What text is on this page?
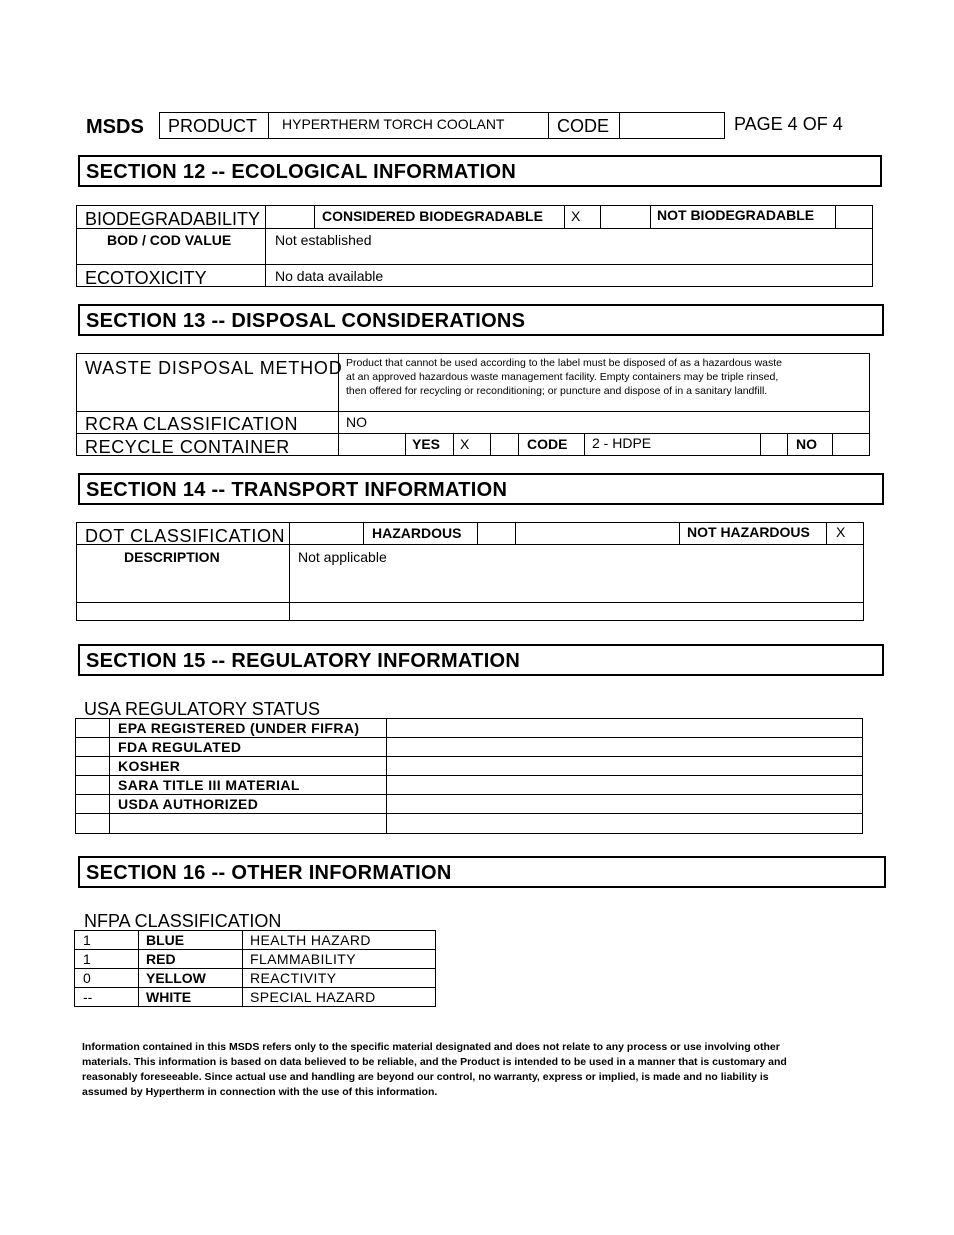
MSDS PRODUCT HYPERTHERM TORCH COOLANT	CODE	PAGE 4 OF 4
SECTION 12 -- ECOLOGICAL INFORMATION
BIODEGRADABILITY	CONSIDERED BIODEGRADABLE X	NOT BIODEGRADABLE
BOD / COD VALUE	Not established
ECOTOXICITY	No data available
SECTION 13 -- DISPOSAL CONSIDERATIONS
WASTE DISPOSAL METHOD Product that cannot be used according to the label must be disposed of as a hazardous waste
at an approved hazardous waste management facility. Empty containers may be triple rinsed,
then offered for recycling or reconditioning; or puncture and dispose of in a sanitary landfill.
RCRA CLASSIFICATION	NO
RECYCLE CONTAINER	YES X	CODE 2 - HDPE	NO
SECTION 14 -- TRANSPORT INFORMATION
DOT CLASSIFICATION	HAZARDOUS	NOT HAZARDOUS X
DESCRIPTION	Not applicable
SECTION 15 -- REGULATORY INFORMATION
USA REGULATORY STATUS
EPA REGISTERED (UNDER FIFRA)
FDA REGULATED
KOSHER
SARA TITLE III MATERIAL
USDA AUTHORIZED
SECTION 16 -- OTHER INFORMATION
NFPA CLASSIFICATION
1	BLUE	HEALTH HAZARD
1	RED	FLAMMABILITY
0	YELLOW	REACTIVITY
--	WHITE	SPECIAL HAZARD
Information contained in this MSDS refers only to the specific material designated and does not relate to any process or use involving other
materials. This information is based on data believed to be reliable, and the Product is intended to be used in a manner that is customary and
reasonably foreseeable. Since actual use and handling are beyond our control, no warranty, express or implied, is made and no liability is
assumed by Hypertherm in connection with the use of this information.
